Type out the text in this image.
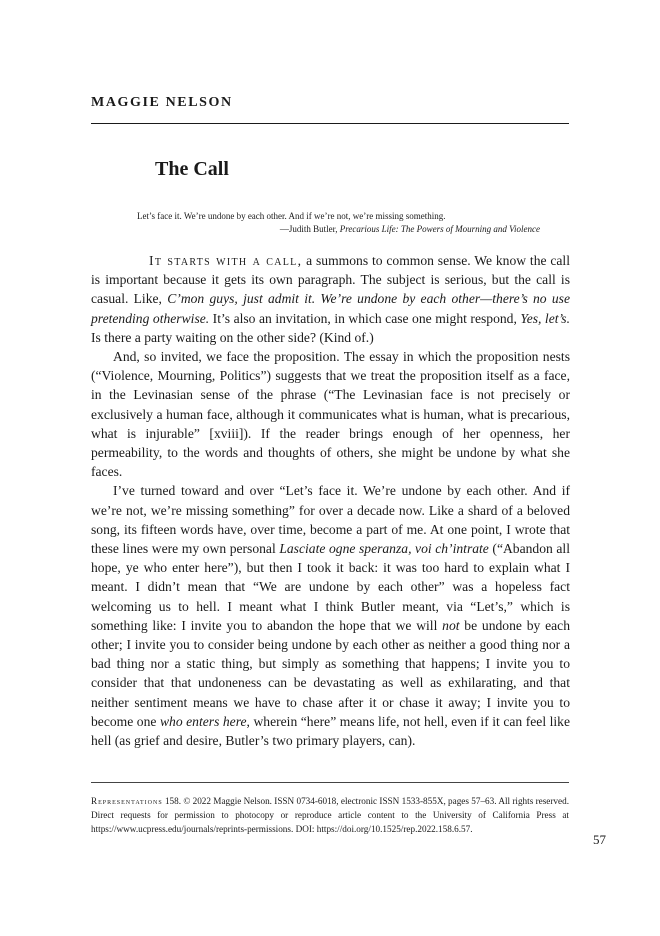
MAGGIE NELSON
The Call
Let’s face it. We’re undone by each other. And if we’re not, we’re missing something.
—Judith Butler, Precarious Life: The Powers of Mourning and Violence

It starts with a call, a summons to common sense. We know the call is important because it gets its own paragraph. The subject is serious, but the call is casual. Like, C’mon guys, just admit it. We’re undone by each other—there’s no use pretending otherwise. It’s also an invitation, in which case one might respond, Yes, let’s. Is there a party waiting on the other side? (Kind of.)

And, so invited, we face the proposition. The essay in which the proposition nests (“Violence, Mourning, Politics”) suggests that we treat the proposition itself as a face, in the Levinasian sense of the phrase (“The Levinasian face is not precisely or exclusively a human face, although it communicates what is human, what is precarious, what is injurable” [xviii]). If the reader brings enough of her openness, her permeability, to the words and thoughts of others, she might be undone by what she faces.

I’ve turned toward and over “Let’s face it. We’re undone by each other. And if we’re not, we’re missing something” for over a decade now. Like a shard of a beloved song, its fifteen words have, over time, become a part of me. At one point, I wrote that these lines were my own personal Lasciate ogne speranza, voi ch’intrate (“Abandon all hope, ye who enter here”), but then I took it back: it was too hard to explain what I meant. I didn’t mean that “We are undone by each other” was a hopeless fact welcoming us to hell. I meant what I think Butler meant, via “Let’s,” which is something like: I invite you to abandon the hope that we will not be undone by each other; I invite you to consider being undone by each other as neither a good thing nor a bad thing nor a static thing, but simply as something that happens; I invite you to consider that that undoneness can be devastating as well as exhilarating, and that neither sentiment means we have to chase after it or chase it away; I invite you to become one who enters here, wherein “here” means life, not hell, even if it can feel like hell (as grief and desire, Butler’s two primary players, can).

Representations 158. © 2022 Maggie Nelson. ISSN 0734-6018, electronic ISSN 1533-855X, pages 57–63. All rights reserved. Direct requests for permission to photocopy or reproduce article content to the University of California Press at https://www.ucpress.edu/journals/reprints-permissions. DOI: https://doi.org/10.1525/rep.2022.158.6.57.

57
